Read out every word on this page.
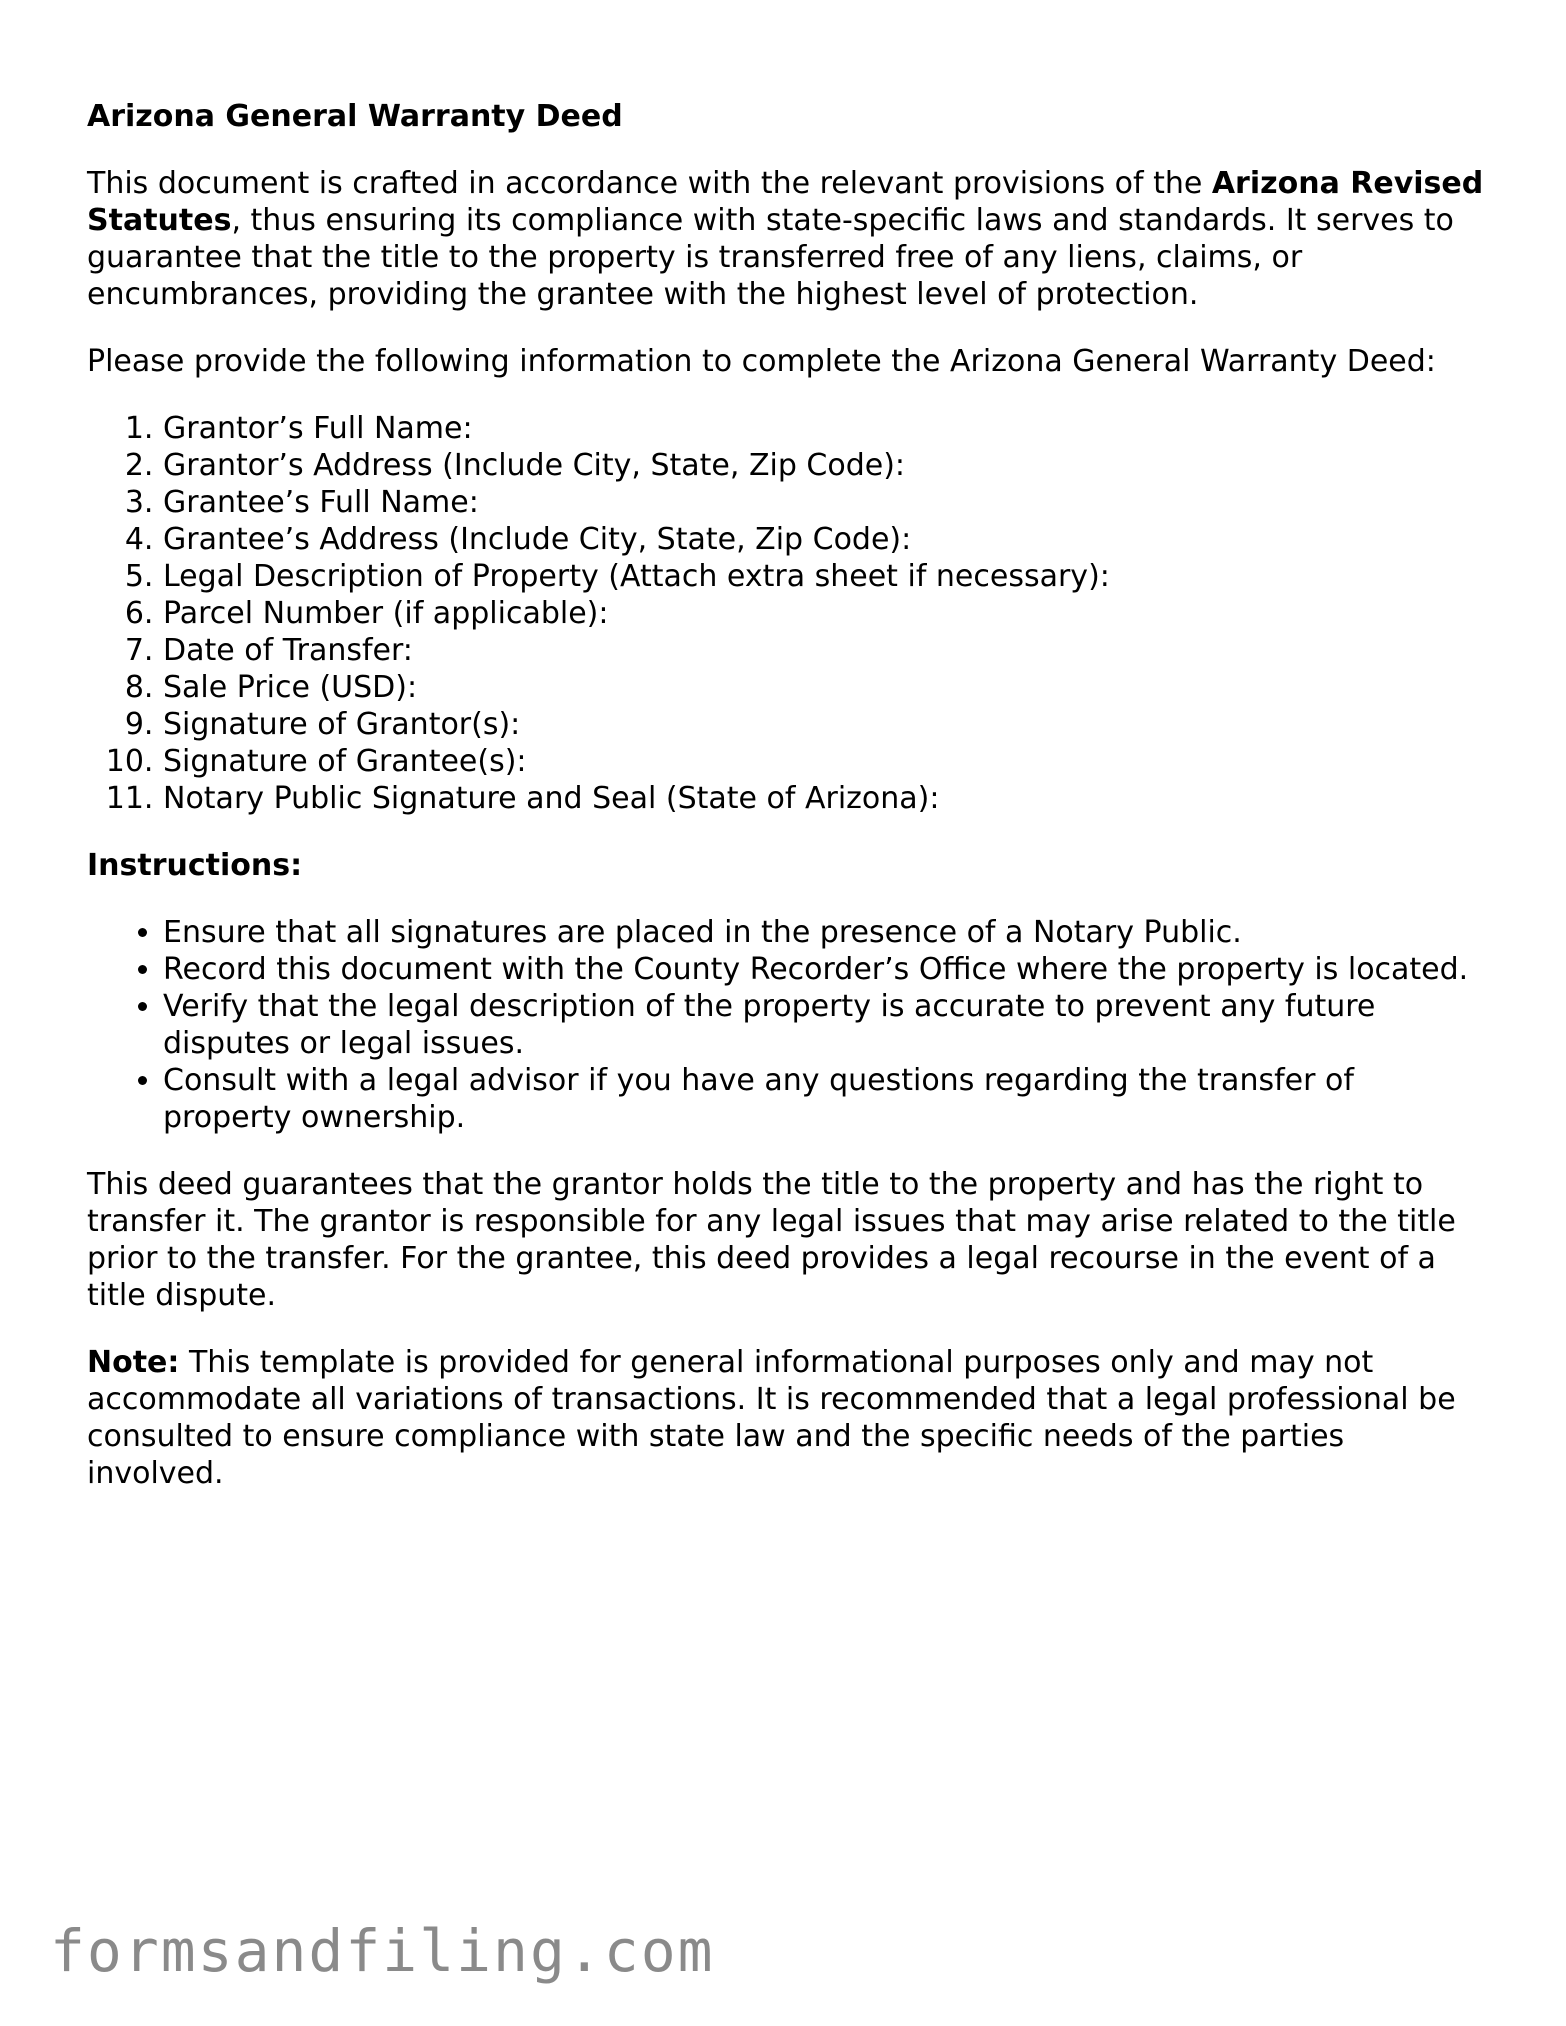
Arizona General Warranty Deed

This document is crafted in accordance with the relevant provisions of the Arizona Revised Statutes, thus ensuring its compliance with state-specific laws and standards. It serves to guarantee that the title to the property is transferred free of any liens, claims, or encumbrances, providing the grantee with the highest level of protection.

Please provide the following information to complete the Arizona General Warranty Deed:

1. Grantor’s Full Name:
2. Grantor’s Address (Include City, State, Zip Code):
3. Grantee’s Full Name:
4. Grantee’s Address (Include City, State, Zip Code):
5. Legal Description of Property (Attach extra sheet if necessary):
6. Parcel Number (if applicable):
7. Date of Transfer:
8. Sale Price (USD):
9. Signature of Grantor(s):
10. Signature of Grantee(s):
11. Notary Public Signature and Seal (State of Arizona):
Instructions:
• Ensure that all signatures are placed in the presence of a Notary Public.
• Record this document with the County Recorder’s Office where the property is located.
• Verify that the legal description of the property is accurate to prevent any future disputes or legal issues.
• Consult with a legal advisor if you have any questions regarding the transfer of property ownership.

This deed guarantees that the grantor holds the title to the property and has the right to transfer it. The grantor is responsible for any legal issues that may arise related to the title prior to the transfer. For the grantee, this deed provides a legal recourse in the event of a title dispute.

Note: This template is provided for general informational purposes only and may not accommodate all variations of transactions. It is recommended that a legal professional be consulted to ensure compliance with state law and the specific needs of the parties involved.

formsandfiling.com
